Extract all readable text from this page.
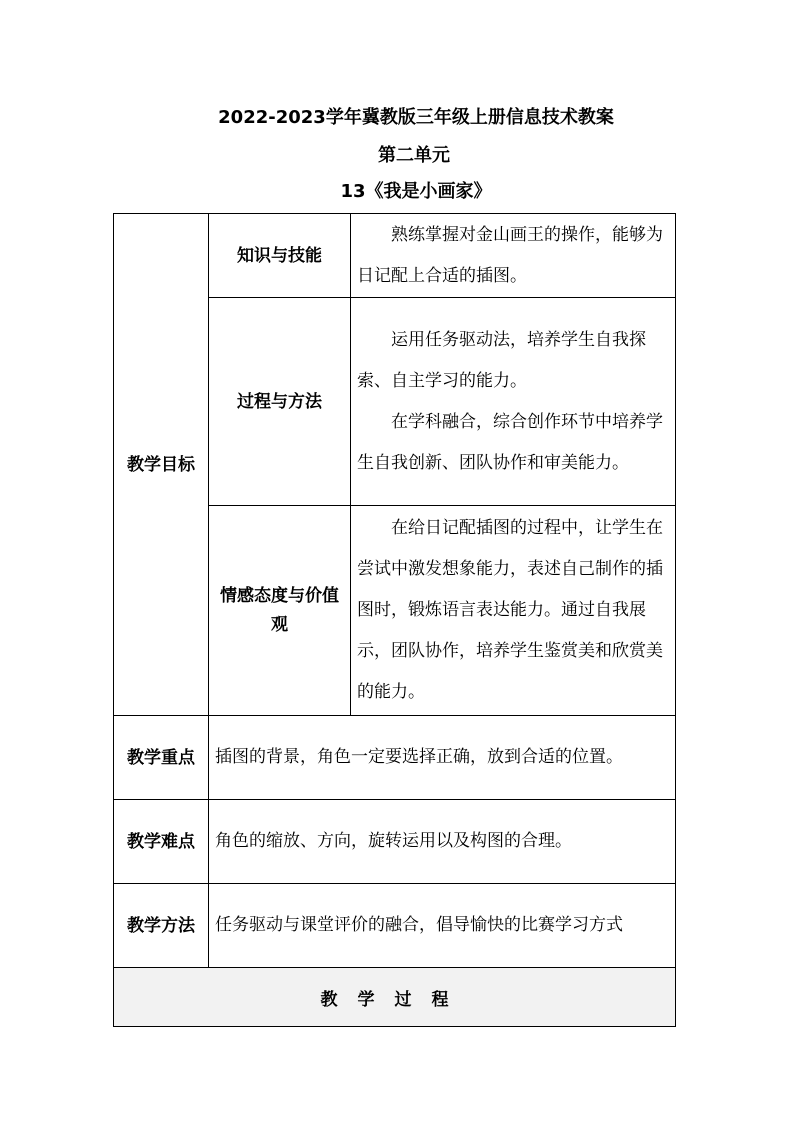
2022-2023学年冀教版三年级上册信息技术教案
第二单元
13《我是小画家》
教学目标	知识与技能	熟练掌握对金山画王的操作，能够为日记配上合适的插图。

	过程与方法	运用任务驱动法，培养学生自我探索、自主学习的能力。

在学科融合，综合创作环节中培养学生自我创新、团队协作和审美能力。

	情感态度与价值观	在给日记配插图的过程中，让学生在尝试中激发想象能力，表述自己制作的插图时，锻炼语言表达能力。通过自我展示，团队协作，培养学生鉴赏美和欣赏美的能力。

教学重点	插图的背景，角色一定要选择正确，放到合适的位置。	
教学难点	角色的缩放、方向，旋转运用以及构图的合理。	
教学方法	任务驱动与课堂评价的融合，倡导愉快的比赛学习方式	
教学过程		
